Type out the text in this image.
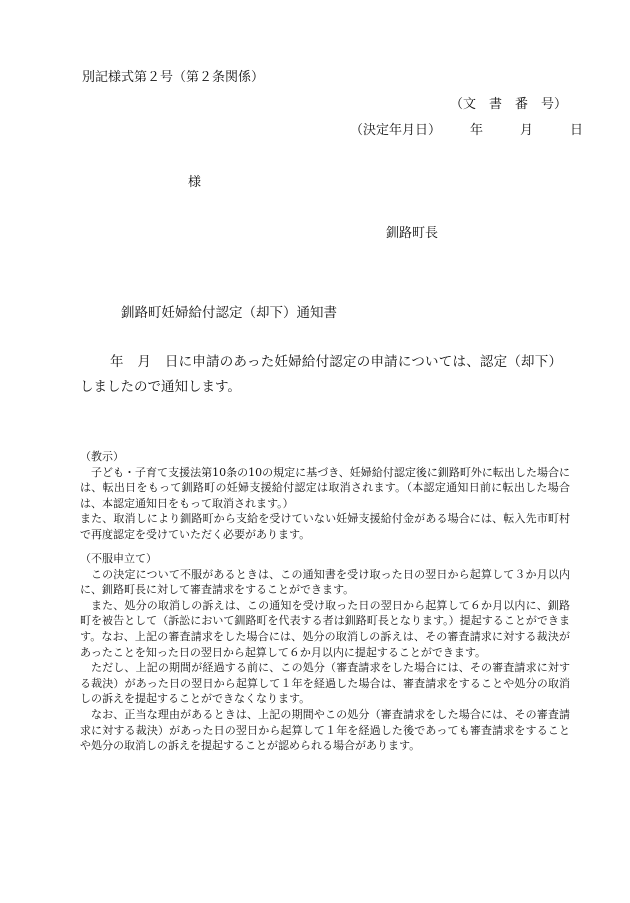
別記様式第２号（第２条関係）
（文　書　番　号）
（決定年月日） 年	月	日
様
釧路町長
釧路町妊婦給付認定（却下）通知書
年　月　日に申請のあった妊婦給付認定の申請については、認定（却下）しましたので通知します。
（教示）

子ども・子育て支援法第10条の10の規定に基づき、妊婦給付認定後に釧路町外に転出した場合には、転出日をもって釧路町の妊婦支援給付認定は取消されます。（本認定通知日前に転出した場合は、本認定通知日をもって取消されます。）

また、取消しにより釧路町から支給を受けていない妊婦支援給付金がある場合には、転入先市町村で再度認定を受けていただく必要があります。

（不服申立て）

この決定について不服があるときは、この通知書を受け取った日の翌日から起算して３か月以内に、釧路町長に対して審査請求をすることができます。

また、処分の取消しの訴えは、この通知を受け取った日の翌日から起算して６か月以内に、釧路町を被告として（訴訟において釧路町を代表する者は釧路町長となります。）提起することができます。なお、上記の審査請求をした場合には、処分の取消しの訴えは、その審査請求に対する裁決があったことを知った日の翌日から起算して６か月以内に提起することができます。

ただし、上記の期間が経過する前に、この処分（審査請求をした場合には、その審査請求に対する裁決）があった日の翌日から起算して１年を経過した場合は、審査請求をすることや処分の取消しの訴えを提起することができなくなります。

なお、正当な理由があるときは、上記の期間やこの処分（審査請求をした場合には、その審査請求に対する裁決）があった日の翌日から起算して１年を経過した後であっても審査請求をすることや処分の取消しの訴えを提起することが認められる場合があります。
